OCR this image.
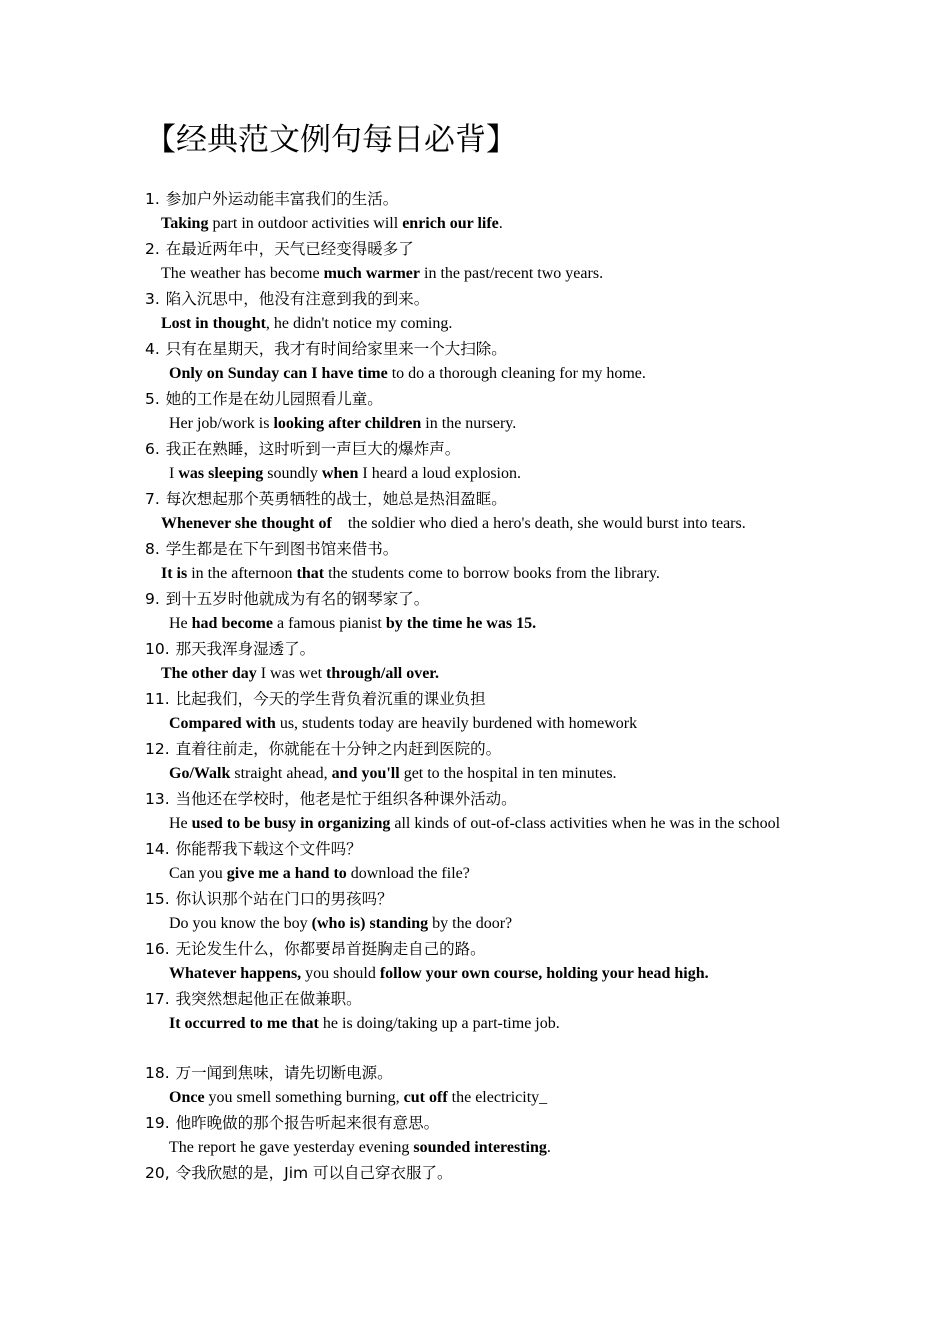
【经典范文例句每日必背】
1. 参加户外运动能丰富我们的生活。
Taking part in outdoor activities will enrich our life.
2. 在最近两年中，天气已经变得暖多了
The weather has become much warmer in the past/recent two years.
3. 陷入沉思中，他没有注意到我的到来。
Lost in thought, he didn't notice my coming.
4. 只有在星期天，我才有时间给家里来一个大扫除。
Only on Sunday can I have time to do a thorough cleaning for my home.
5. 她的工作是在幼儿园照看儿童。
Her job/work is looking after children in the nursery.
6. 我正在熟睡，这时听到一声巨大的爆炸声。
I was sleeping soundly when I heard a loud explosion.
7. 每次想起那个英勇牺牲的战士，她总是热泪盈眶。
Whenever she thought of    the soldier who died a hero's death, she would burst into tears.
8. 学生都是在下午到图书馆来借书。
It is in the afternoon that the students come to borrow books from the library.
9. 到十五岁时他就成为有名的钢琴家了。
He had become a famous pianist by the time he was 15.
10. 那天我浑身湿透了。
The other day I was wet through/all over.
11. 比起我们，今天的学生背负着沉重的课业负担
Compared with us, students today are heavily burdened with homework
12. 直着往前走，你就能在十分钟之内赶到医院的。
Go/Walk straight ahead, and you'll get to the hospital in ten minutes.
13. 当他还在学校时，他老是忙于组织各种课外活动。
He used to be busy in organizing all kinds of out-of-class activities when he was in the school
14. 你能帮我下载这个文件吗？
Can you give me a hand to download the file?
15. 你认识那个站在门口的男孩吗？
Do you know the boy (who is) standing by the door?
16. 无论发生什么，你都要昂首挺胸走自己的路。
Whatever happens, you should follow your own course, holding your head high.
17. 我突然想起他正在做兼职。
It occurred to me that he is doing/taking up a part-time job.
18. 万一闻到焦味，请先切断电源。
Once you smell something burning, cut off the electricity_
19. 他昨晚做的那个报告听起来很有意思。
The report he gave yesterday evening sounded interesting.
20, 令我欣慰的是，Jim 可以自己穿衣服了。
